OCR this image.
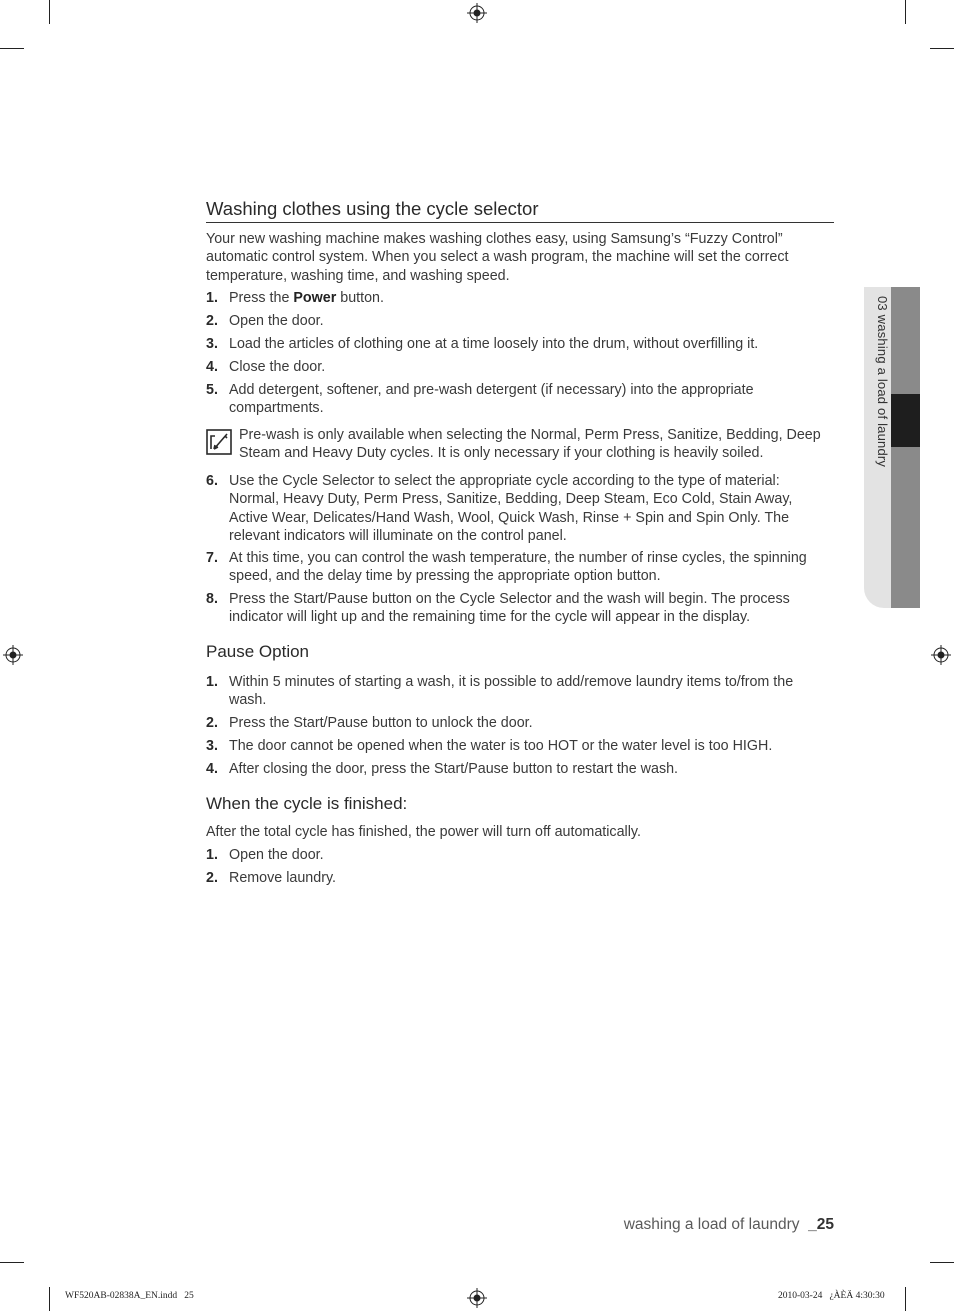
Washing clothes using the cycle selector

Your new washing machine makes washing clothes easy, using Samsung’s “Fuzzy Control” automatic control system. When you select a wash program, the machine will set the correct temperature, washing time, and washing speed.

1. Press the Power button.
2. Open the door.
3. Load the articles of clothing one at a time loosely into the drum, without overfilling it.
4. Close the door.
5. Add detergent, softener, and pre-wash detergent (if necessary) into the appropriate compartments.
Pre-wash is only available when selecting the Normal, Perm Press, Sanitize, Bedding, Deep Steam and Heavy Duty cycles. It is only necessary if your clothing is heavily soiled.
6. Use the Cycle Selector to select the appropriate cycle according to the type of material: Normal, Heavy Duty, Perm Press, Sanitize, Bedding, Deep Steam, Eco Cold, Stain Away, Active Wear, Delicates/Hand Wash, Wool, Quick Wash, Rinse + Spin and Spin Only. The relevant indicators will illuminate on the control panel.
7. At this time, you can control the wash temperature, the number of rinse cycles, the spinning speed, and the delay time by pressing the appropriate option button.
8. Press the Start/Pause button on the Cycle Selector and the wash will begin. The process indicator will light up and the remaining time for the cycle will appear in the display.
Pause Option
1. Within 5 minutes of starting a wash, it is possible to add/remove laundry items to/from the wash.
2. Press the Start/Pause button to unlock the door.
3. The door cannot be opened when the water is too HOT or the water level is too HIGH.
4. After closing the door, press the Start/Pause button to restart the wash.
When the cycle is finished:

After the total cycle has finished, the power will turn off automatically.

1. Open the door.
2. Remove laundry.
03 washing a load of laundry
washing a load of laundry _25
WF520AB-02838A_EN.indd   25	2010-03-24   ¿ÀÈÄ 4:30:30
